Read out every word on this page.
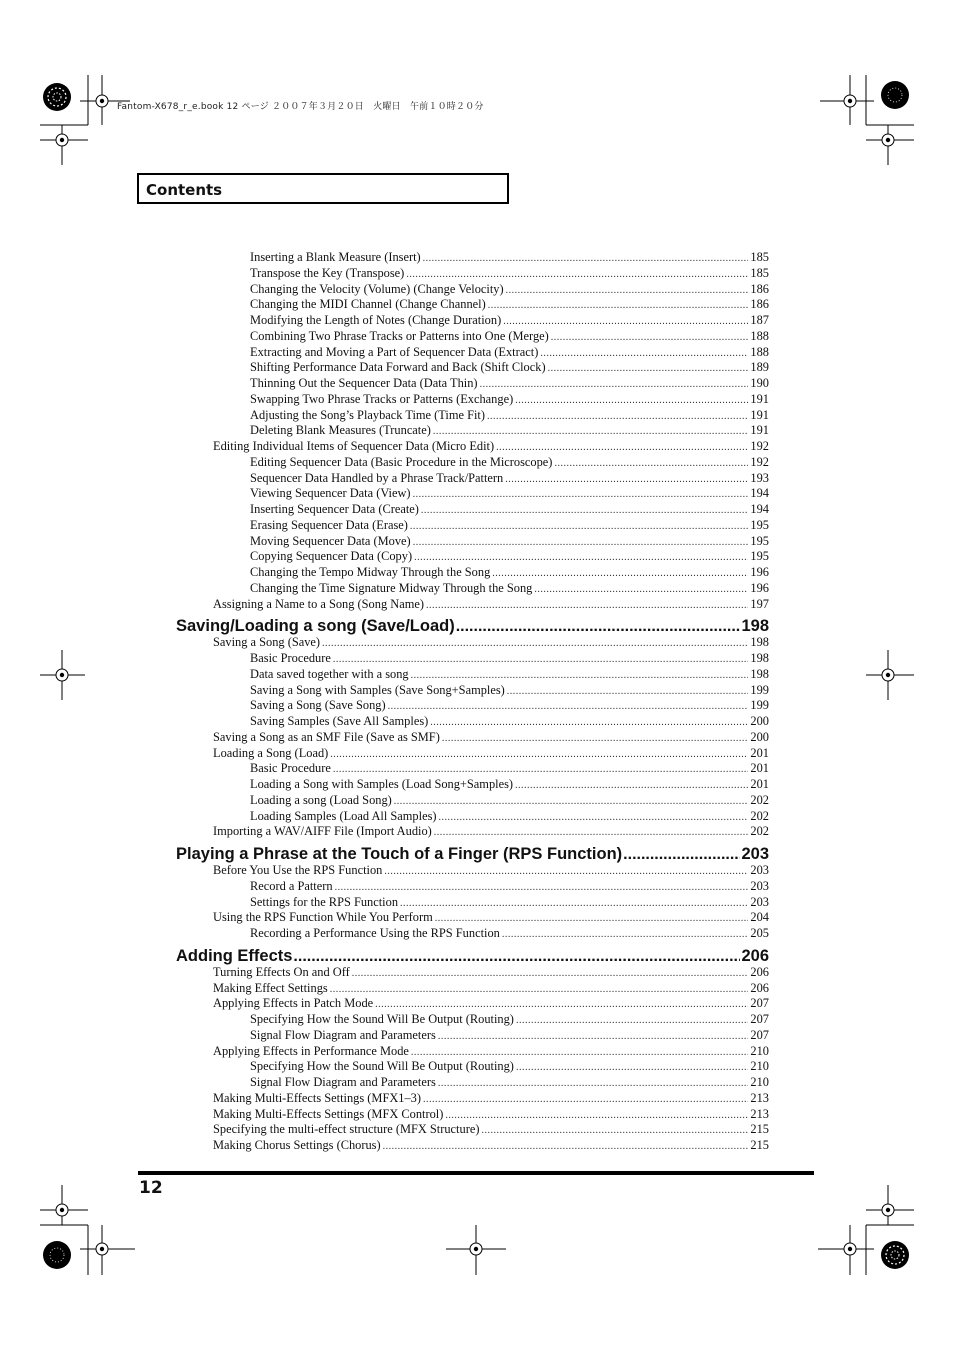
Fantom-X678_r_e.book 12 ページ ２００７年３月２０日　火曜日　午前１０時２０分
Contents
Inserting a Blank Measure (Insert) .....	185
Transpose the Key (Transpose) .....	185
Changing the Velocity (Volume) (Change Velocity) .....	186
Changing the MIDI Channel (Change Channel) .....	186
Modifying the Length of Notes (Change Duration) .....	187
Combining Two Phrase Tracks or Patterns into One (Merge) .....	188
Extracting and Moving a Part of Sequencer Data (Extract) .....	188
Shifting Performance Data Forward and Back (Shift Clock) .....	189
Thinning Out the Sequencer Data (Data Thin) .....	190
Swapping Two Phrase Tracks or Patterns (Exchange) .....	191
Adjusting the Song’s Playback Time (Time Fit) .....	191
Deleting Blank Measures (Truncate) .....	191
Editing Individual Items of Sequencer Data (Micro Edit) .....	192
Editing Sequencer Data (Basic Procedure in the Microscope) .....	192
Sequencer Data Handled by a Phrase Track/Pattern .....	193
Viewing Sequencer Data (View) .....	194
Inserting Sequencer Data (Create) .....	194
Erasing Sequencer Data (Erase) .....	195
Moving Sequencer Data (Move) .....	195
Copying Sequencer Data (Copy) .....	195
Changing the Tempo Midway Through the Song .....	196
Changing the Time Signature Midway Through the Song .....	196
Assigning a Name to a Song (Song Name) .....	197
Saving/Loading a song (Save/Load) .....	198
Saving a Song (Save) .....	198
Basic Procedure .....	198
Data saved together with a song .....	198
Saving a Song with Samples (Save Song+Samples) .....	199
Saving a Song (Save Song) .....	199
Saving Samples (Save All Samples) .....	200
Saving a Song as an SMF File (Save as SMF) .....	200
Loading a Song (Load) .....	201
Basic Procedure .....	201
Loading a Song with Samples (Load Song+Samples) .....	201
Loading a song (Load Song) .....	202
Loading Samples (Load All Samples) .....	202
Importing a WAV/AIFF File (Import Audio) .....	202
Playing a Phrase at the Touch of a Finger (RPS Function) .....	203
Before You Use the RPS Function .....	203
Record a Pattern .....	203
Settings for the RPS Function .....	203
Using the RPS Function While You Perform .....	204
Recording a Performance Using the RPS Function .....	205
Adding Effects .....	206
Turning Effects On and Off .....	206
Making Effect Settings .....	206
Applying Effects in Patch Mode .....	207
Specifying How the Sound Will Be Output (Routing) .....	207
Signal Flow Diagram and Parameters .....	207
Applying Effects in Performance Mode .....	210
Specifying How the Sound Will Be Output (Routing) .....	210
Signal Flow Diagram and Parameters .....	210
Making Multi-Effects Settings (MFX1–3) .....	213
Making Multi-Effects Settings (MFX Control) .....	213
Specifying the multi-effect structure (MFX Structure) .....	215
Making Chorus Settings (Chorus) .....	215
12
